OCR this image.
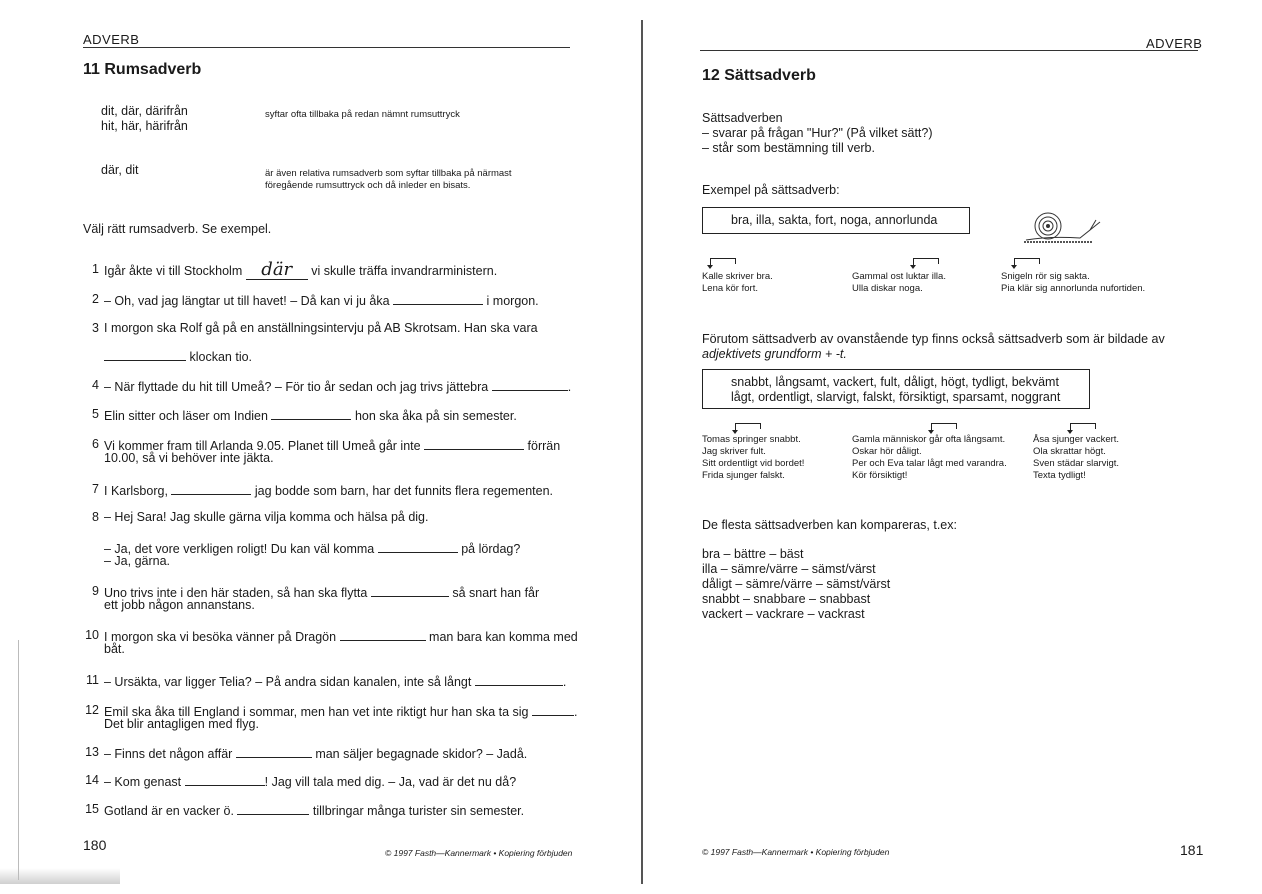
ADVERB
11 Rumsadverb
dit, där, därifrån
hit, här, härifrån
syftar ofta tillbaka på redan nämnt rumsuttryck
där, dit	är även relativa rumsadverb som syftar tillbaka på närmast
föregående rumsuttryck och då inleder en bisats.
Välj rätt rumsadverb. Se exempel.
1 Igår åkte vi till Stockholm där vi skulle träffa invandrarministern.
2 – Oh, vad jag längtar ut till havet! – Då kan vi ju åka	i morgon.
3 I morgon ska Rolf gå på en anställningsintervju på AB Skrotsam. Han ska vara
klockan tio.
4 – När flyttade du hit till Umeå? – För tio år sedan och jag trivs jättebra	.
5 Elin sitter och läser om Indien	hon ska åka på sin semester.
6 Vi kommer fram till Arlanda 9.05. Planet till Umeå går inte	förrän
10.00, så vi behöver inte jäkta.
7 I Karlsborg,	jag bodde som barn, har det funnits flera regementen.
8 – Hej Sara! Jag skulle gärna vilja komma och hälsa på dig.
– Ja, det vore verkligen roligt! Du kan väl komma	på lördag?
– Ja, gärna.
9 Uno trivs inte i den här staden, så han ska flytta	så snart han får
ett jobb någon annanstans.
10 I morgon ska vi besöka vänner på Dragön	man bara kan komma med
båt.
11 – Ursäkta, var ligger Telia? – På andra sidan kanalen, inte så långt	.
12 Emil ska åka till England i sommar, men han vet inte riktigt hur han ska ta sig	.
Det blir antagligen med flyg.
13 – Finns det någon affär	man säljer begagnade skidor? – Jadå.
14 – Kom genast	! Jag vill tala med dig. – Ja, vad är det nu då?
15 Gotland är en vacker ö.	tillbringar många turister sin semester.
180	© 1997 Fasth—Kannermark • Kopiering förbjuden
ADVERB
12 Sättsadverb
Sättsadverben
– svarar på frågan "Hur?" (På vilket sätt?)
– står som bestämning till verb.
Exempel på sättsadverb:
bra, illa, sakta, fort, noga, annorlunda
Kalle skriver bra.
Lena kör fort.
Gammal ost luktar illa.
Ulla diskar noga.
Snigeln rör sig sakta.
Pia klär sig annorlunda nufortiden.
Förutom sättsadverb av ovanstående typ finns också sättsadverb som är bildade av
adjektivets grundform + -t.
snabbt, långsamt, vackert, fult, dåligt, högt, tydligt, bekvämt
lågt, ordentligt, slarvigt, falskt, försiktigt, sparsamt, noggrant
Tomas springer snabbt.
Jag skriver fult.
Sitt ordentligt vid bordet!
Frida sjunger falskt.
Gamla människor går ofta långsamt.
Oskar hör dåligt.
Per och Eva talar lågt med varandra.
Kör försiktigt!
Åsa sjunger vackert.
Ola skrattar högt.
Sven städar slarvigt.
Texta tydligt!
De flesta sättsadverben kan kompareras, t.ex:
bra – bättre – bäst
illa – sämre/värre – sämst/värst
dåligt – sämre/värre – sämst/värst
snabbt – snabbare – snabbast
vackert – vackrare – vackrast
© 1997 Fasth—Kannermark • Kopiering förbjuden	181
